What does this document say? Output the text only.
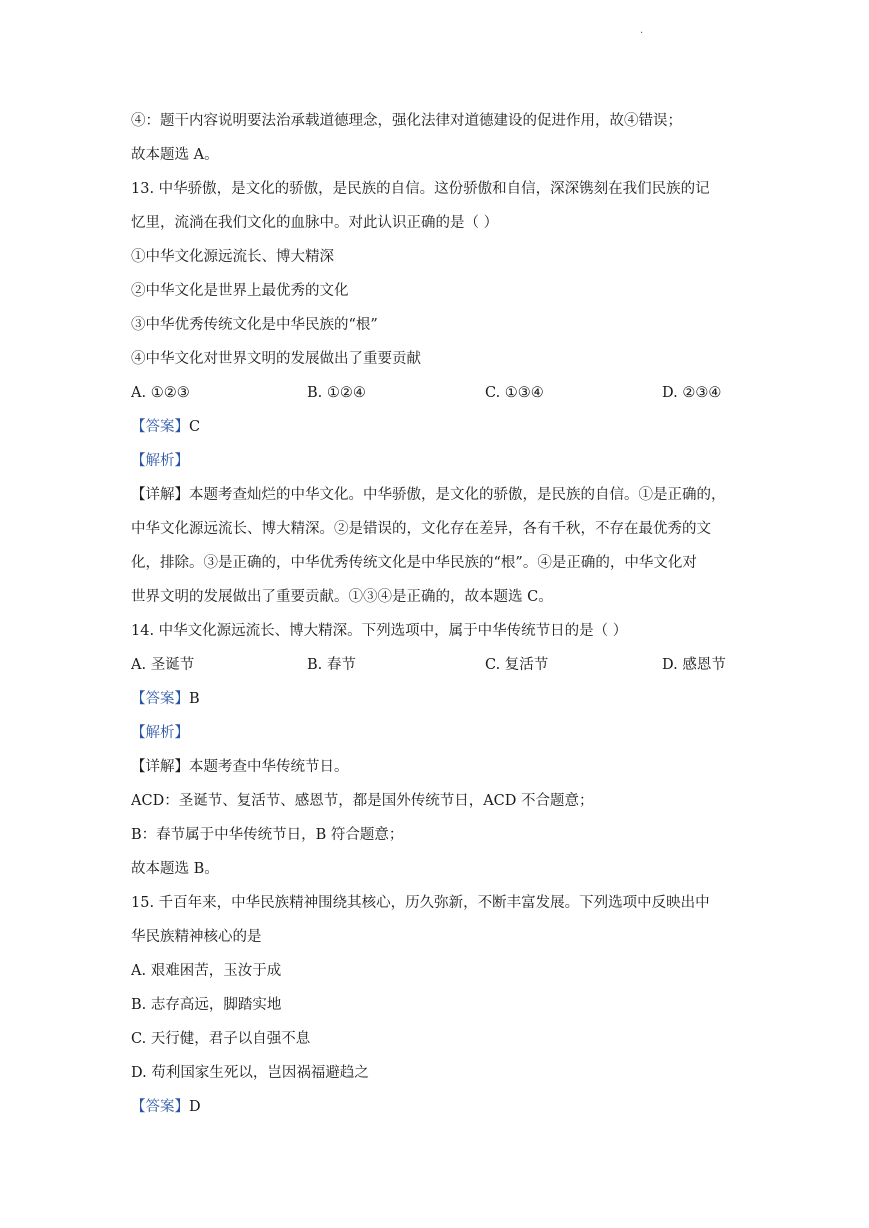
·
④：题干内容说明要法治承载道德理念，强化法律对道德建设的促进作用，故④错误；
故本题选 A。
13. 中华骄傲，是文化的骄傲，是民族的自信。这份骄傲和自信，深深镌刻在我们民族的记
忆里，流淌在我们文化的血脉中。对此认识正确的是（ ）
①中华文化源远流长、博大精深
②中华文化是世界上最优秀的文化
③中华优秀传统文化是中华民族的“根”
④中华文化对世界文明的发展做出了重要贡献
A. ①②③	B. ①②④	C. ①③④	D. ②③④
【答案】C
【解析】
【详解】本题考查灿烂的中华文化。中华骄傲，是文化的骄傲，是民族的自信。①是正确的，
中华文化源远流长、博大精深。②是错误的，文化存在差异，各有千秋，不存在最优秀的文
化，排除。③是正确的，中华优秀传统文化是中华民族的“根”。④是正确的，中华文化对
世界文明的发展做出了重要贡献。①③④是正确的，故本题选 C。
14. 中华文化源远流长、博大精深。下列选项中，属于中华传统节日的是（ ）
A. 圣诞节	B. 春节	C. 复活节	D. 感恩节
【答案】B
【解析】
【详解】本题考查中华传统节日。
ACD：圣诞节、复活节、感恩节，都是国外传统节日，ACD 不合题意；
B：春节属于中华传统节日，B 符合题意；
故本题选 B。
15. 千百年来，中华民族精神围绕其核心，历久弥新，不断丰富发展。下列选项中反映出中
华民族精神核心的是
A. 艰难困苦，玉汝于成
B. 志存高远，脚踏实地
C. 天行健，君子以自强不息
D. 苟利国家生死以，岂因祸福避趋之
【答案】D
